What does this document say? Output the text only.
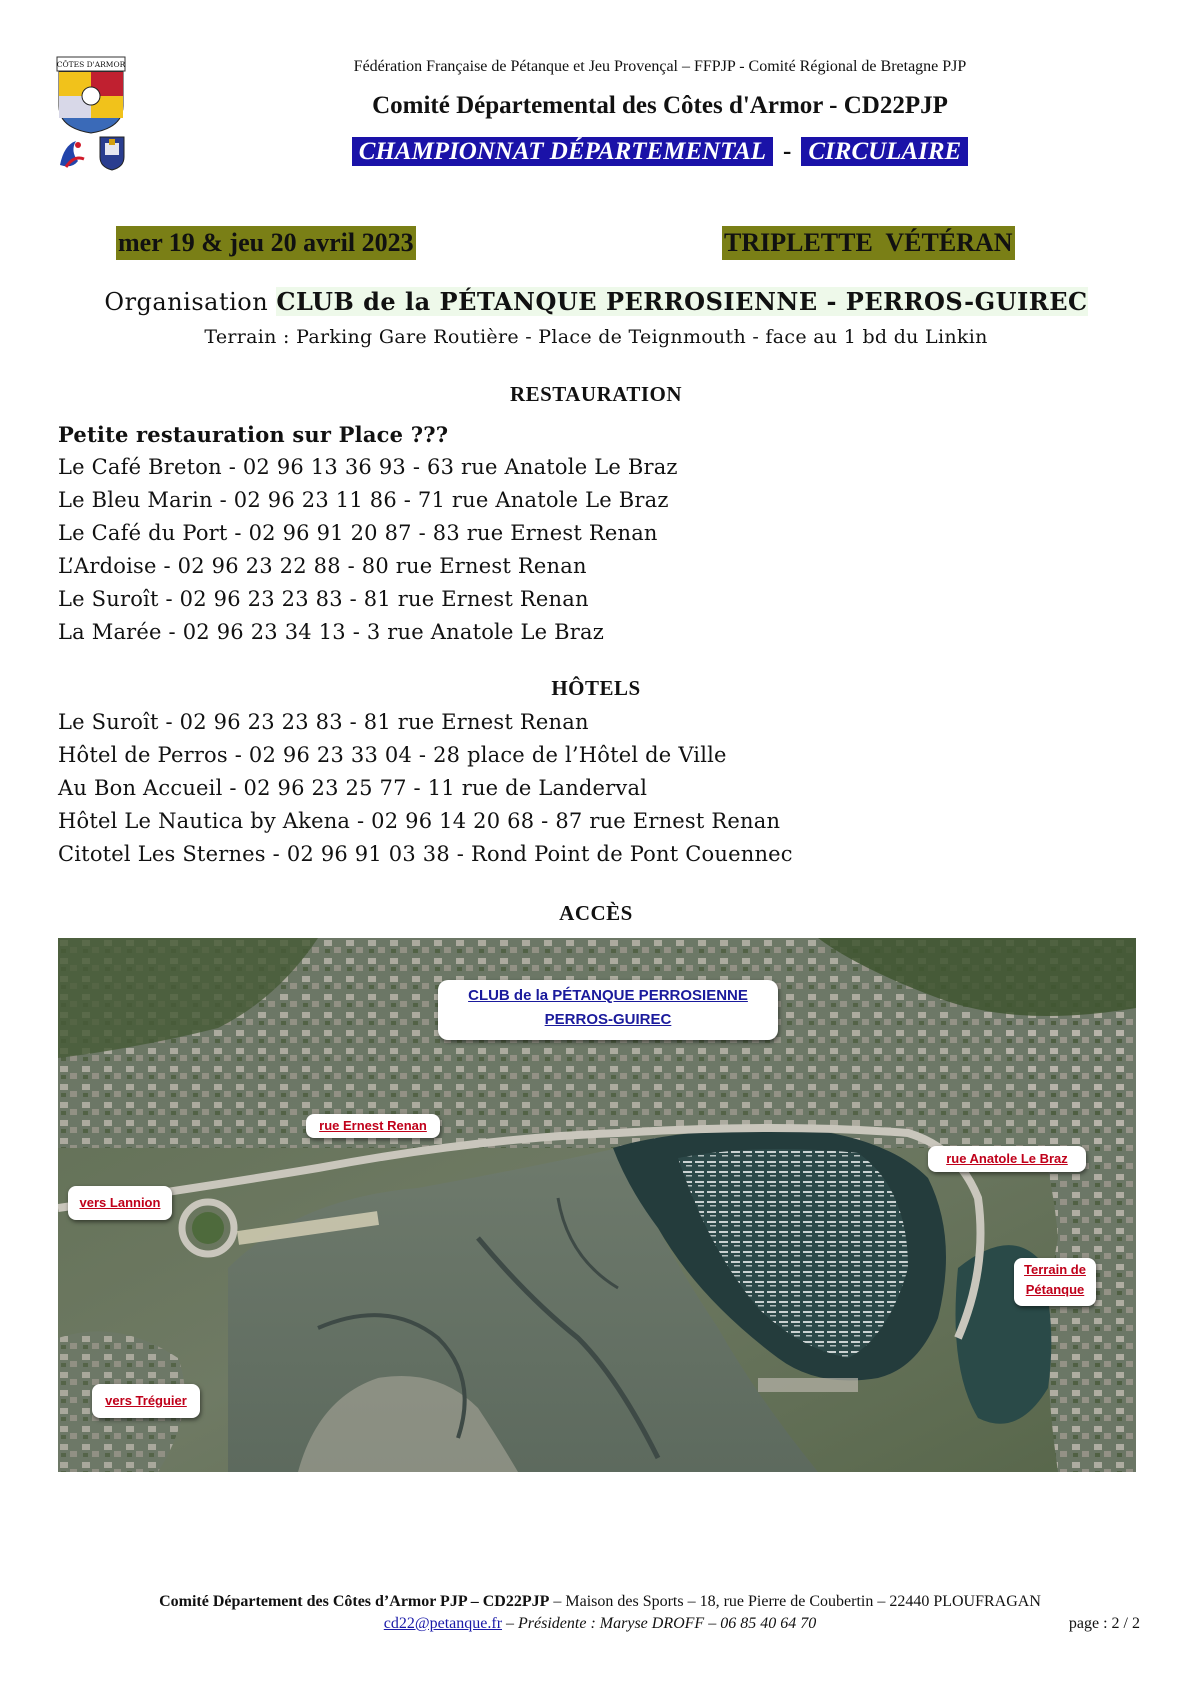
CÔTES D'ARMOR	Fédération Française de Pétanque et Jeu Provençal – FFPJP - Comité Régional de Bretagne PJP
Comité Départemental des Côtes d'Armor - CD22PJP
CHAMPIONNAT DÉPARTEMENTAL - CIRCULAIRE
mer 19 & jeu 20 avril 2023	TRIPLETTE  VÉTÉRAN
Organisation CLUB de la PÉTANQUE PERROSIENNE - PERROS-GUIREC
Terrain : Parking Gare Routière - Place de Teignmouth - face au 1 bd du Linkin
RESTAURATION
Petite restauration sur Place ???
Le Café Breton - 02 96 13 36 93 - 63 rue Anatole Le Braz
Le Bleu Marin - 02 96 23 11 86 - 71 rue Anatole Le Braz
Le Café du Port - 02 96 91 20 87 - 83 rue Ernest Renan
L’Ardoise - 02 96 23 22 88 - 80 rue Ernest Renan
Le Suroît - 02 96 23 23 83 - 81 rue Ernest Renan
La Marée - 02 96 23 34 13 - 3 rue Anatole Le Braz
HÔTELS
Le Suroît - 02 96 23 23 83 - 81 rue Ernest Renan
Hôtel de Perros - 02 96 23 33 04 - 28 place de l’Hôtel de Ville
Au Bon Accueil - 02 96 23 25 77 - 11 rue de Landerval
Hôtel Le Nautica by Akena - 02 96 14 20 68 - 87 rue Ernest Renan
Citotel Les Sternes - 02 96 91 03 38 - Rond Point de Pont Couennec
ACCÈS
CLUB de la PÉTANQUE PERROSIENNE
PERROS-GUIREC
rue Ernest Renan
rue Anatole Le Braz
vers Lannion
Terrain de
Pétanque
vers Tréguier
Comité Département des Côtes d’Armor PJP – CD22PJP – Maison des Sports – 18, rue Pierre de Coubertin – 22440 PLOUFRAGAN
cd22@petanque.fr – Présidente : Maryse DROFF – 06 85 40 64 70	page : 2 / 2
